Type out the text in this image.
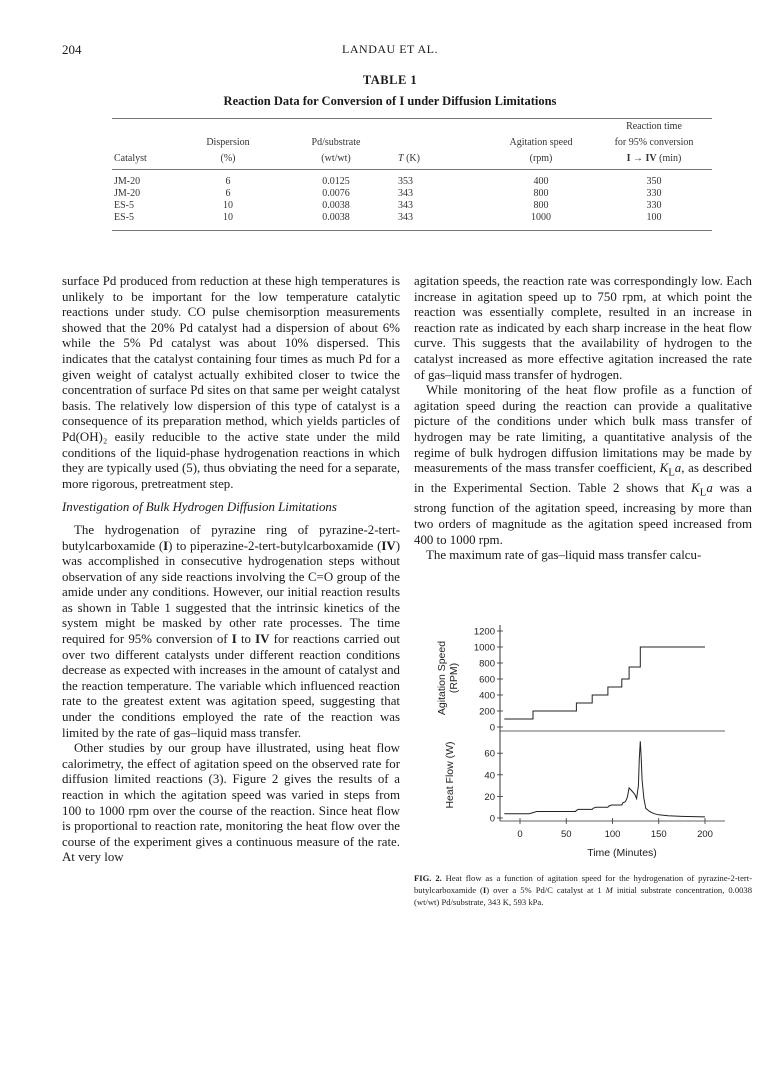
204	LANDAU ET AL.
TABLE 1
Reaction Data for Conversion of I under Diffusion Limitations
					Reaction time
	Dispersion	Pd/substrate		Agitation speed	for 95% conversion
Catalyst	(%)	(wt/wt)	T (K)	(rpm)	I → IV (min)
JM-20	6	0.0125	353	400	350
JM-20	6	0.0076	343	800	330
ES-5	10	0.0038	343	800	330
ES-5	10	0.0038	343	1000	100

surface Pd produced from reduction at these high temperatures is unlikely to be important for the low temperature catalytic reactions under study. CO pulse chemisorption measurements showed that the 20% Pd catalyst had a dispersion of about 6% while the 5% Pd catalyst was about 10% dispersed. This indicates that the catalyst containing four times as much Pd for a given weight of catalyst actually exhibited closer to twice the concentration of surface Pd sites on that same per weight catalyst basis. The relatively low dispersion of this type of catalyst is a consequence of its preparation method, which yields particles of Pd(OH)₂ easily reducible to the active state under the mild conditions of the liquid-phase hydrogenation reactions in which they are typically used (5), thus obviating the need for a separate, more rigorous, pretreatment step.

Investigation of Bulk Hydrogen Diffusion Limitations

The hydrogenation of pyrazine ring of pyrazine-2-tert-butylcarboxamide (I) to piperazine-2-tert-butylcarboxamide (IV) was accomplished in consecutive hydrogenation steps without observation of any side reactions involving the C=O group of the amide under any conditions. However, our initial reaction results as shown in Table 1 suggested that the intrinsic kinetics of the system might be masked by other rate processes. The time required for 95% conversion of I to IV for reactions carried out over two different catalysts under different reaction conditions decrease as expected with increases in the amount of catalyst and the reaction temperature. The variable which influenced reaction rate to the greatest extent was agitation speed, suggesting that under the conditions employed the rate of the reaction was limited by the rate of gas–liquid mass transfer.

Other studies by our group have illustrated, using heat flow calorimetry, the effect of agitation speed on the observed rate for diffusion limited reactions (3). Figure 2 gives the results of a reaction in which the agitation speed was varied in steps from 100 to 1000 rpm over the course of the reaction. Since heat flow is proportional to reaction rate, monitoring the heat flow over the course of the experiment gives a continuous measure of the rate. At very low

agitation speeds, the reaction rate was correspondingly low. Each increase in agitation speed up to 750 rpm, at which point the reaction was essentially complete, resulted in an increase in reaction rate as indicated by each sharp increase in the heat flow curve. This suggests that the availability of hydrogen to the catalyst increased as more effective agitation increased the rate of gas–liquid mass transfer of hydrogen.

While monitoring of the heat flow profile as a function of agitation speed during the reaction can provide a qualitative picture of the conditions under which bulk mass transfer of hydrogen may be rate limiting, a quantitative analysis of the regime of bulk hydrogen diffusion limitations may be made by measurements of the mass transfer coefficient, $K_La$, as described in the Experimental Section. Table 2 shows that $K_La$ was a strong function of the agitation speed, increasing by more than two orders of magnitude as the agitation speed increased from 400 to 1000 rpm.

The maximum rate of gas–liquid mass transfer calcu-

0
200
400
600
800
1000
1200
Agitation Speed (RPM)
0
20
40
60
0	50	100	150	200
Heat Flow (W)
Time (Minutes)
FIG. 2. Heat flow as a function of agitation speed for the hydrogenation of pyrazine-2-tert-butylcarboxamide (I) over a 5% Pd/C catalyst at 1 M initial substrate concentration, 0.0038 (wt/wt) Pd/substrate, 343 K, 593 kPa.
